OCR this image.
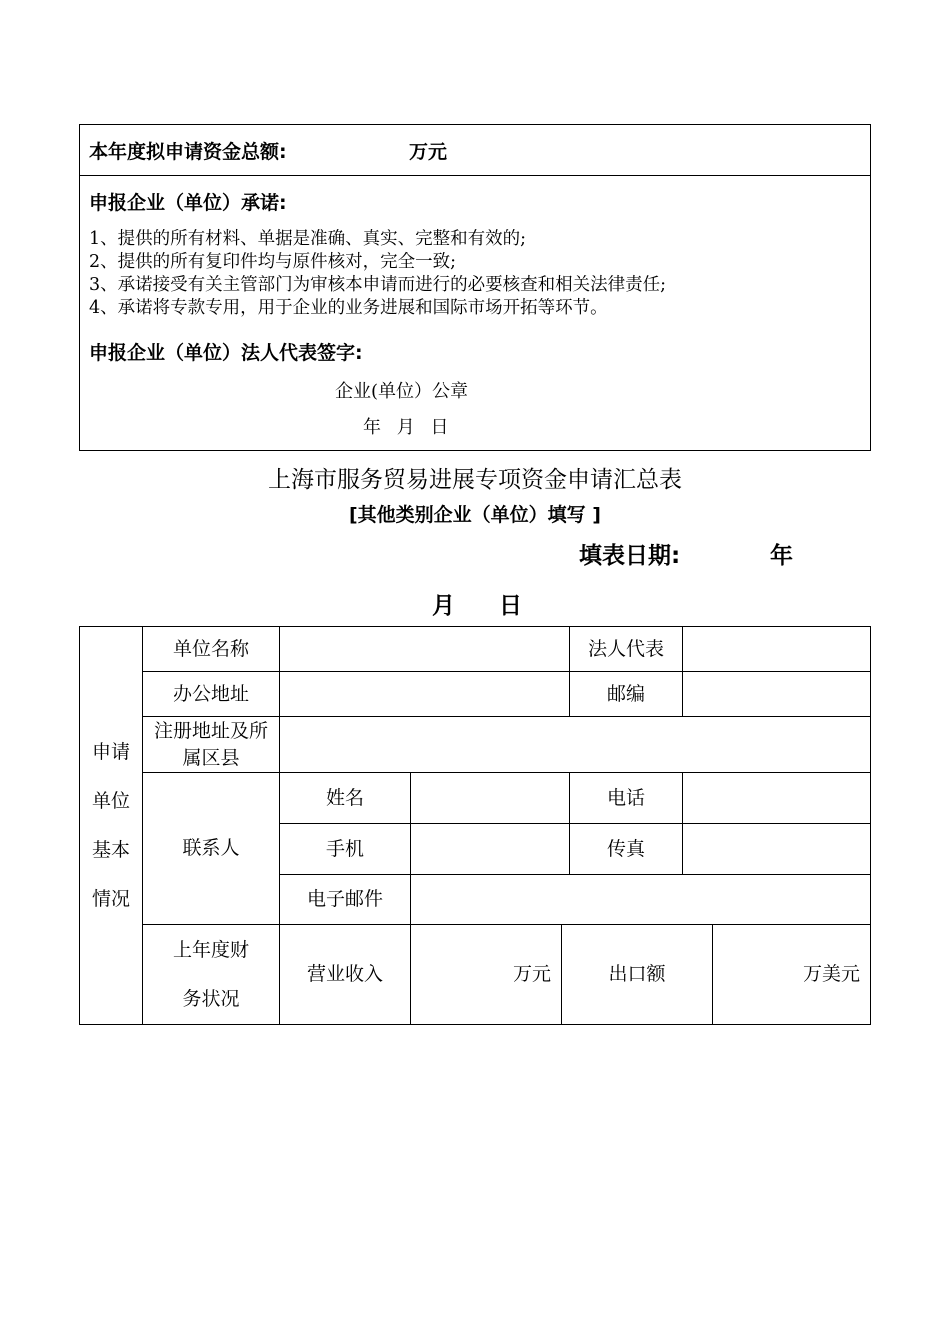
本年度拟申请资金总额:	万元
申报企业（单位）承诺:
1、提供的所有材料、单据是准确、真实、完整和有效的;
2、提供的所有复印件均与原件核对，完全一致;
3、承诺接受有关主管部门为审核本申请而进行的必要核查和相关法律责任;
4、承诺将专款专用，用于企业的业务进展和国际市场开拓等环节。
申报企业（单位）法人代表签字:
企业(单位）公章
年 月 日
上海市服务贸易进展专项资金申请汇总表
[其他类别企业（单位）填写 ]
填表日期:	年
月 日
申请
单位
基本
情况
单位名称	法人代表
办公地址	邮编
注册地址及所属区县
联系人
姓名	电话
手机	传真
电子邮件
上年度财务状况
营业收入	万元	出口额	万美元
